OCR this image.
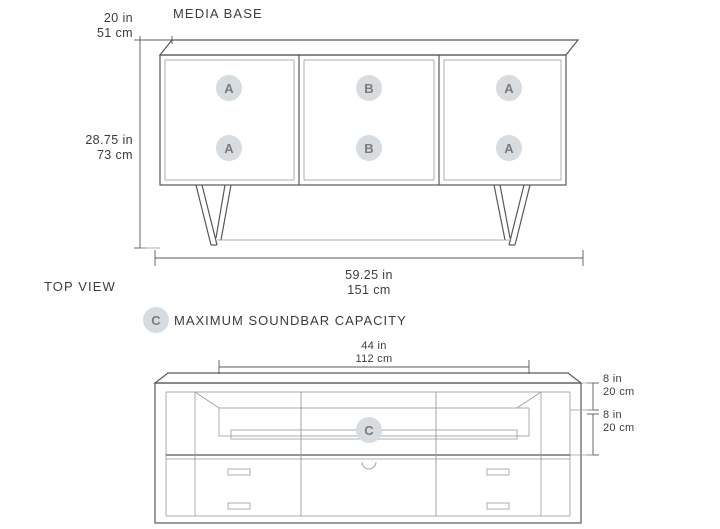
A	B	A
A	B	A
C
MEDIA BASE
20 in
51 cm
28.75 in
73 cm
59.25 in
151 cm
TOP VIEW
MAXIMUM SOUNDBAR CAPACITY
C
44 in
112 cm
8 in
20 cm
8 in
20 cm
